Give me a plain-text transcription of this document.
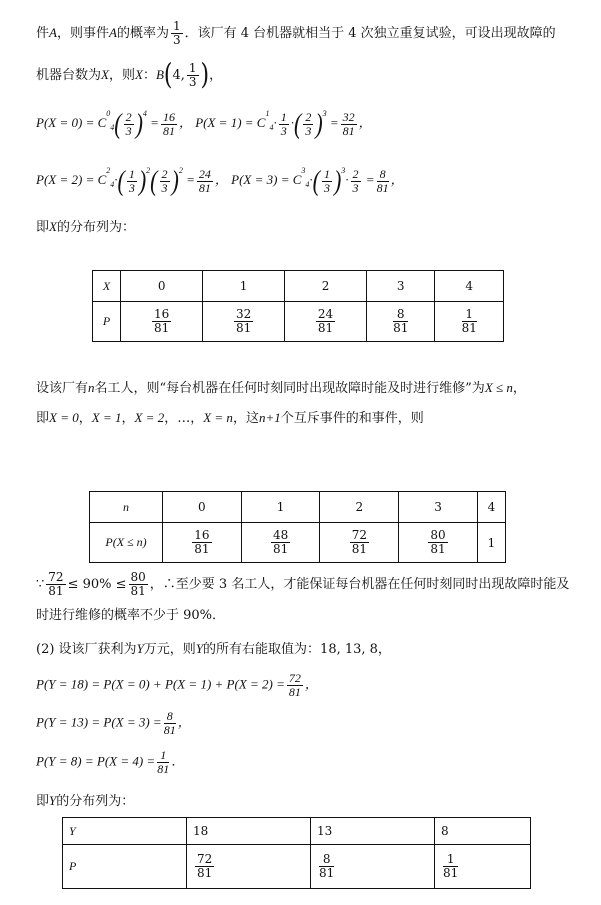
件A，则事件A的概率为 $\frac{1}{3}$ ．该厂有 4 台机器就相当于 4 次独立重复试验，可设出现故障的
机器台数为X，则X：B(4, $\frac{1}{3}$ )，
$P(X = 0) = C^0_4( \frac{2}{3} )^4 = \frac{16}{81}$ ， $P(X = 1) = C^1_4\cdot \frac{1}{3}$ ·( $\frac{2}{3} )^3 = \frac{32}{81}$ ，
$P(X = 2) = C^2_4\cdot( \frac{1}{3} )^2( \frac{2}{3} )^2 = \frac{24}{81}$ ， $P(X = 3) = C^3_4\cdot( \frac{1}{3} )^3\cdot \frac{2}{3} = \frac{8}{81}$ ，
即X的分布列为：
X	0	1	2	3	4
P	$\frac{16}{81}$	$\frac{32}{81}$	$\frac{24}{81}$	$\frac{8}{81}$	$\frac{1}{81}$
设该厂有n名工人，则“每台机器在任何时刻同时出现故障时能及时进行维修”为X ≤ n，
即X = 0，X = 1，X = 2，…，X = n，这n+1个互斥事件的和事件，则
n	0	1	2	3	4
P(X ≤ n)	$\frac{16}{81}$	$\frac{48}{81}$	$\frac{72}{81}$	$\frac{80}{81}$	1
∵ $\frac{72}{81} \le 90\% \le \frac{80}{81}$ ，∴至少要 3 名工人，才能保证每台机器在任何时刻同时出现故障时能及
时进行维修的概率不少于 90%．
(2) 设该厂获利为Y万元，则Y的所有右能取值为：18, 13, 8，
$P(Y = 18) = P(X = 0) + P(X = 1) + P(X = 2) = \frac{72}{81}$ ，
$P(Y = 13) = P(X = 3) = \frac{8}{81}$ ，
$P(Y = 8) = P(X = 4) = \frac{1}{81}$ ．
即Y的分布列为：
Y	18	13	8
P	$\frac{72}{81}$	$\frac{8}{81}$	$\frac{1}{81}$
